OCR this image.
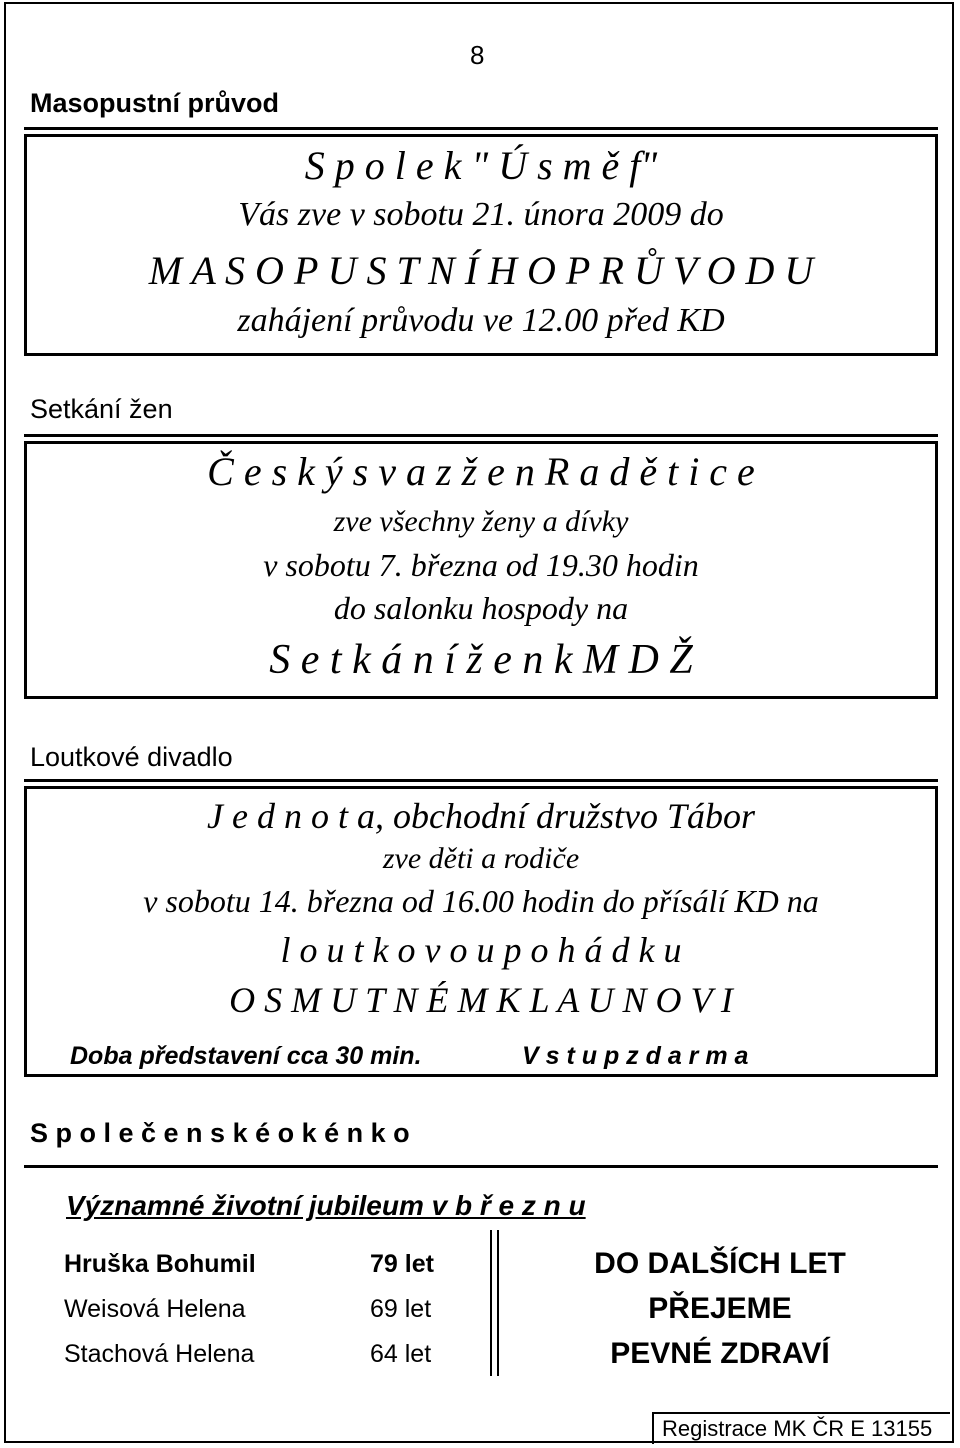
8
Masopustní průvod
S p o l e k " Ú s m ě f"
Vás zve v sobotu 21. února 2009 do
M A S O P U S T N Í H O P R Ů V O D U
zahájení průvodu ve 12.00 před KD
Setkání žen
Č e s k ý s v a z ž e n R a d ě t i c e
zve všechny ženy a dívky
v sobotu 7. března od 19.30 hodin
do salonku hospody na
S e t k á n í ž e n k M D Ž
Loutkové divadlo
J e d n o t a, obchodní družstvo Tábor
zve děti a rodiče
v sobotu 14. března od 16.00 hodin do přísálí KD na
l o u t k o v o u p o h á d k u
O S M U T N É M K L A U N O V I
Doba představení cca 30 min.	V s t u p z d a r m a
S p o l e č e n s k é o k é n k o
Významné životní jubileum v b ř e z n u
Hruška Bohumil	79 let
Weisová Helena	69 let
Stachová Helena	64 let
DO DALŠÍCH LET
PŘEJEME
PEVNÉ ZDRAVÍ
Registrace MK ČR E 13155
